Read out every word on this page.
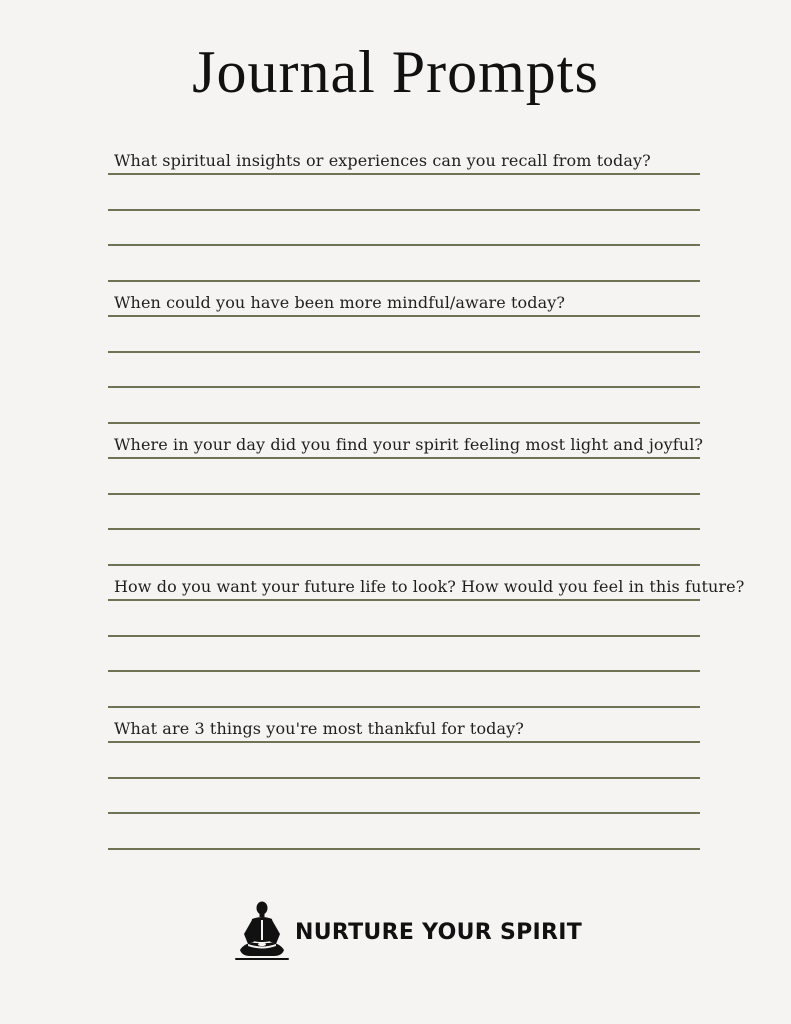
Journal Prompts
What spiritual insights or experiences can you recall from today?
When could you have been more mindful/aware today?
Where in your day did you find your spirit feeling most light and joyful?
How do you want your future life to look? How would you feel in this future?
What are 3 things you're most thankful for today?
NURTURE YOUR SPIRIT
